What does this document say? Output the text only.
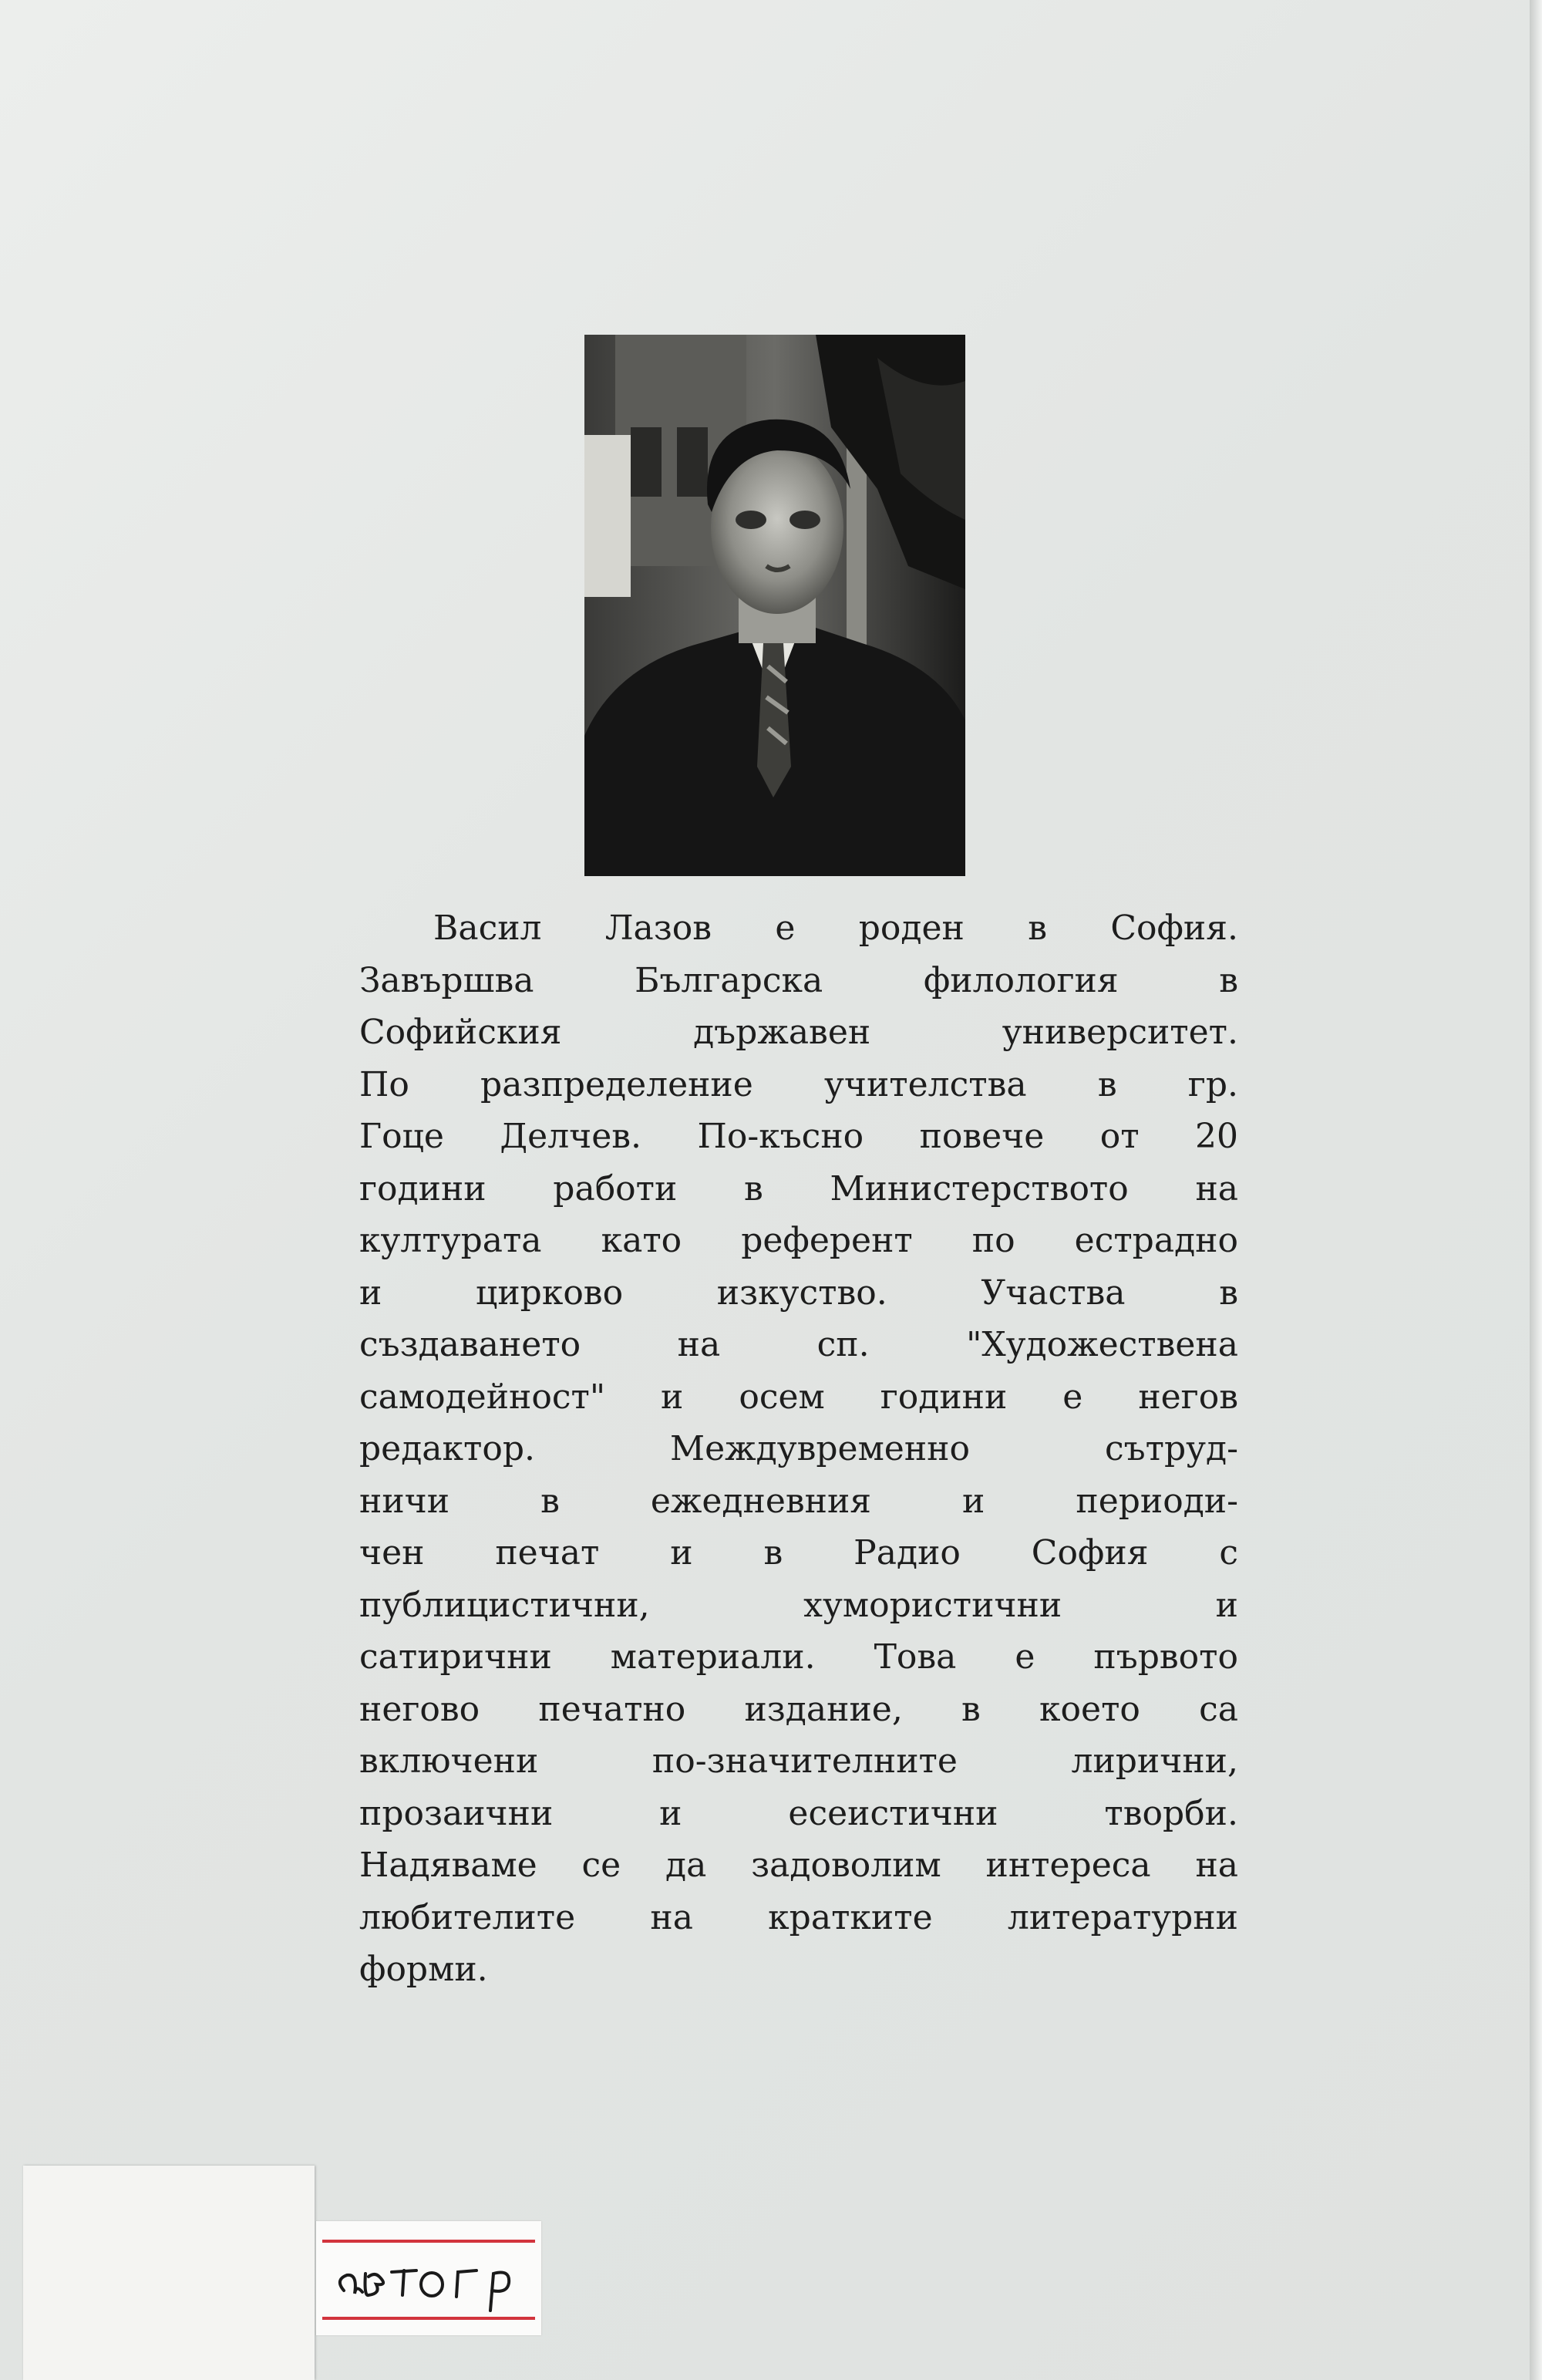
Васил Лазов е роден в София.
Завършва Българска филология в
Софийския държавен университет.
По разпределение учителства в гр.
Гоце Делчев. По-късно повече от 20
години работи в Министерството на
културата като референт по естрадно
и цирково изкуство. Участва в
създаването на сп. "Художествена
самодейност" и осем години е негов
редактор. Междувременно сътруд-
ничи в ежедневния и периоди-
чен печат и в Радио София с
публицистични, хумористични и
сатирични материали. Това е първото
негово печатно издание, в което са
включени по-значителните лирични,
прозаични и есеистични творби.
Надяваме се да задоволим интереса на
любителите на кратките литературни
форми.
